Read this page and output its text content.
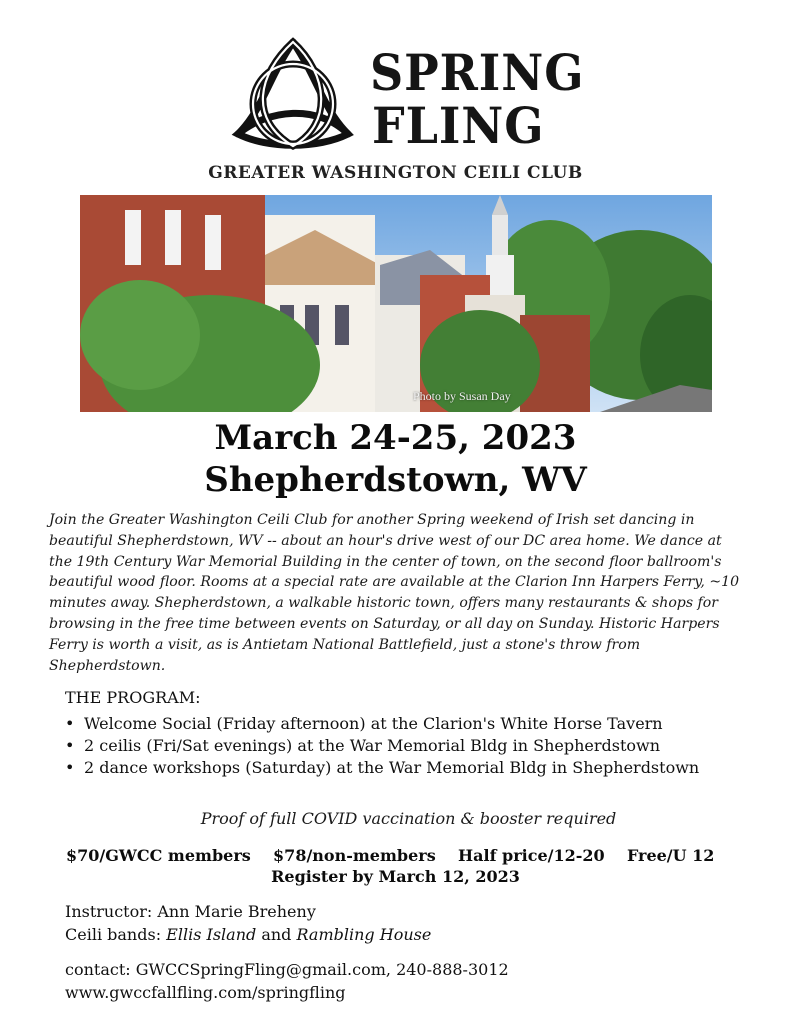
SPRING
FLING
GREATER WASHINGTON CEILI CLUB
Photo by Susan Day
March 24-25, 2023
Shepherdstown, WV

Join the Greater Washington Ceili Club for another Spring weekend of Irish set dancing in beautiful Shepherdstown, WV -- about an hour's drive west of our DC area home. We dance at the 19th Century War Memorial Building in the center of town, on the second floor ballroom's beautiful wood floor. Rooms at a special rate are available at the Clarion Inn Harpers Ferry, ~10 minutes away. Shepherdstown, a walkable historic town, offers many restaurants & shops for browsing in the free time between events on Saturday, or all day on Sunday. Historic Harpers Ferry is worth a visit, as is Antietam National Battlefield, just a stone's throw from Shepherdstown.

THE PROGRAM:
• Welcome Social (Friday afternoon) at the Clarion's White Horse Tavern
• 2 ceilis (Fri/Sat evenings) at the War Memorial Bldg in Shepherdstown
• 2 dance workshops (Saturday) at the War Memorial Bldg in Shepherdstown
Proof of full COVID vaccination & booster required
$70/GWCC members $78/non-members Half price/12-20 Free/U 12
Register by March 12, 2023
Instructor: Ann Marie Breheny
Ceili bands: Ellis Island and Rambling House
contact: GWCCSpringFling@gmail.com, 240-888-3012
www.gwccfallfling.com/springfling
